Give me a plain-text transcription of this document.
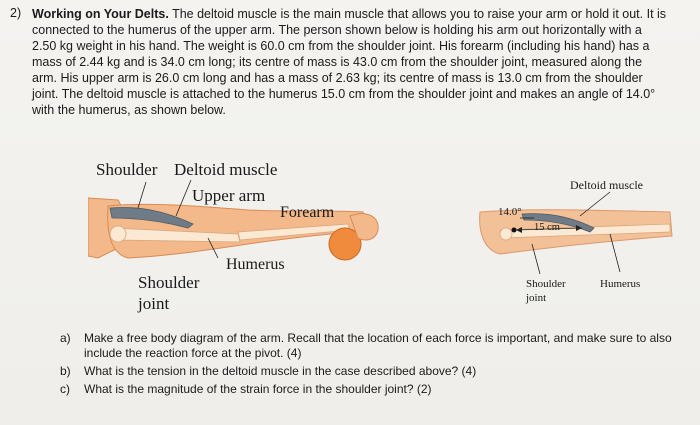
2) Working on Your Delts. The deltoid muscle is the main muscle that allows you to raise your arm or hold it out. It is
connected to the humerus of the upper arm. The person shown below is holding his arm out horizontally with a
2.50 kg weight in his hand. The weight is 60.0 cm from the shoulder joint. His forearm (including his hand) has a
mass of 2.44 kg and is 34.0 cm long; its centre of mass is 43.0 cm from the shoulder joint, measured along the
arm. His upper arm is 26.0 cm long and has a mass of 2.63 kg; its centre of mass is 13.0 cm from the shoulder
joint. The deltoid muscle is attached to the humerus 15.0 cm from the shoulder joint and makes an angle of 14.0°
with the humerus, as shown below.
Shoulder Deltoid muscle
Upper arm
Forearm
Humerus
Shoulder
joint
Deltoid muscle
14.0°
15 cm
Shoulder
joint
Humerus
a) Make a free body diagram of the arm. Recall that the location of each force is important, and make sure to also include the reaction force at the pivot. (4)
b) What is the tension in the deltoid muscle in the case described above? (4)
c) What is the magnitude of the strain force in the shoulder joint? (2)
